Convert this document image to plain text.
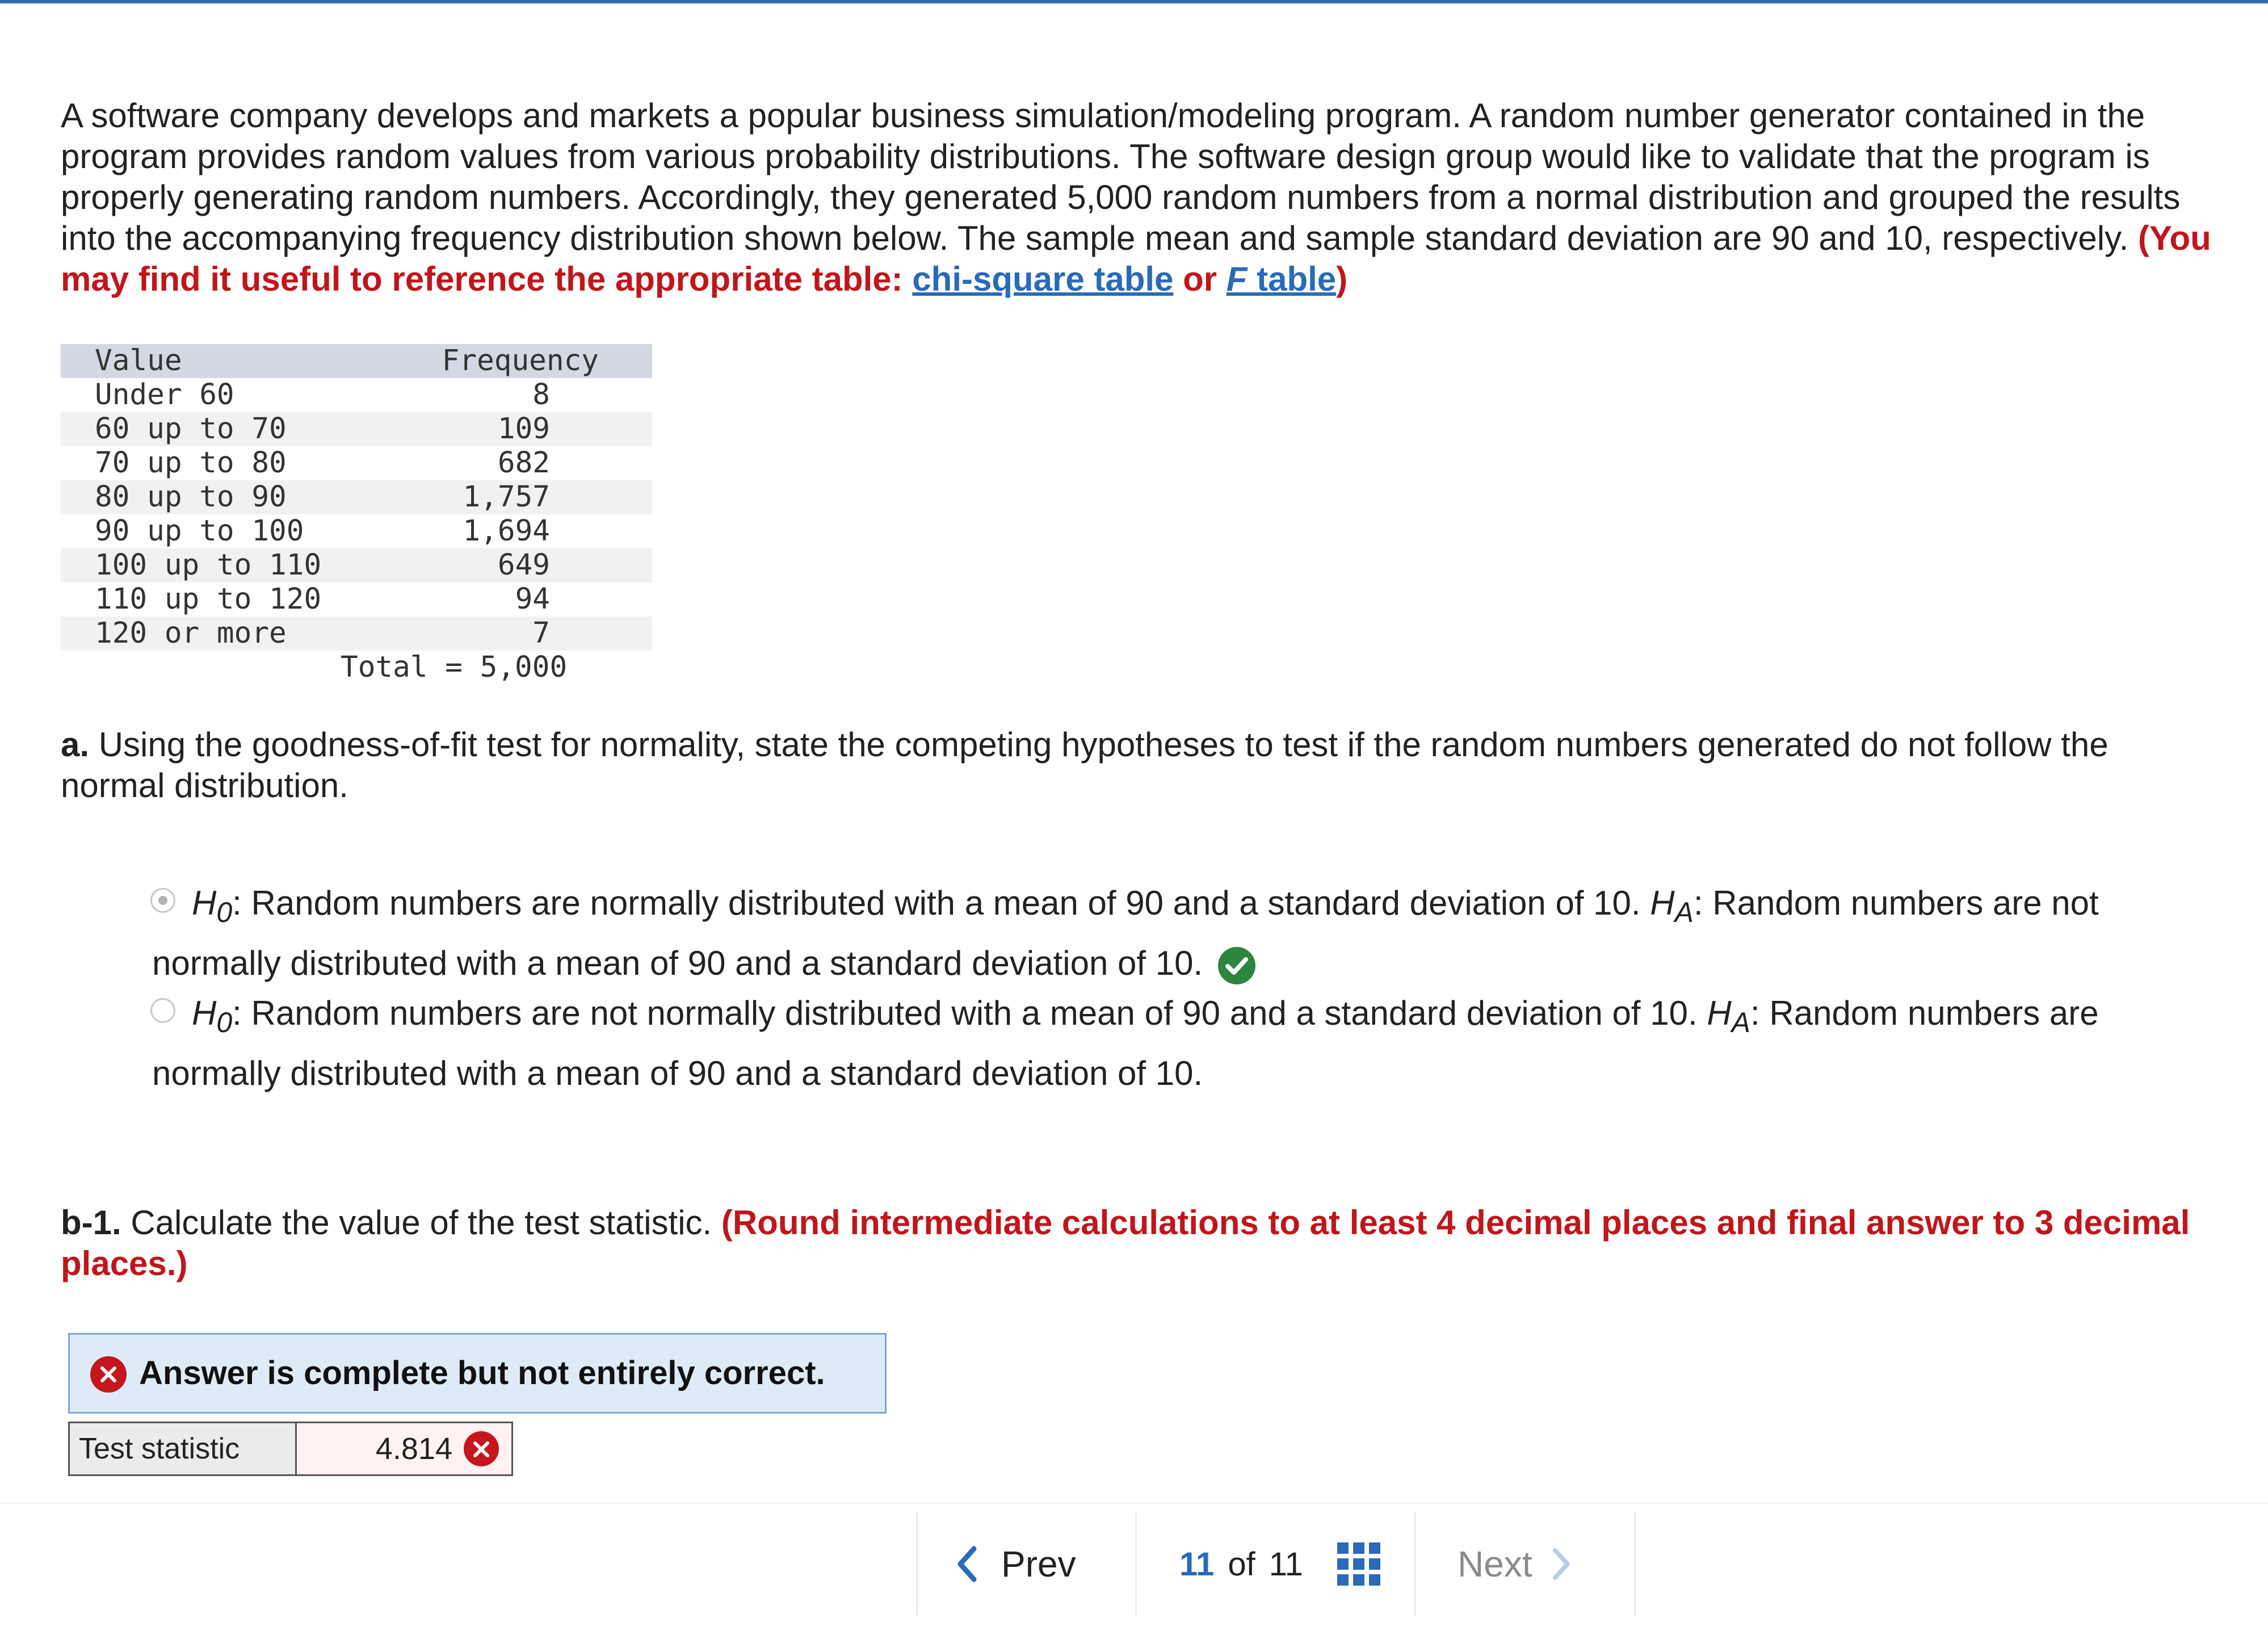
A software company develops and markets a popular business simulation/modeling program. A random number generator contained in the program provides random values from various probability distributions. The software design group would like to validate that the program is properly generating random numbers. Accordingly, they generated 5,000 random numbers from a normal distribution and grouped the results into the accompanying frequency distribution shown below. The sample mean and sample standard deviation are 90 and 10, respectively. (You may find it useful to reference the appropriate table: chi-square table or F table)
Value	Frequency
Under 60	8
60 up to 70	109
70 up to 80	682
80 up to 90	1,757
90 up to 100	1,694
100 up to 110	649
110 up to 120	94
120 or more	7
Total = 5,000
a. Using the goodness-of-fit test for normality, state the competing hypotheses to test if the random numbers generated do not follow the normal distribution.
$H_0$: Random numbers are normally distributed with a mean of 90 and a standard deviation of 10. $H_A$: Random numbers are not normally distributed with a mean of 90 and a standard deviation of 10.
$H_0$: Random numbers are not normally distributed with a mean of 90 and a standard deviation of 10. $H_A$: Random numbers are normally distributed with a mean of 90 and a standard deviation of 10.
b-1. Calculate the value of the test statistic. (Round intermediate calculations to at least 4 decimal places and final answer to 3 decimal places.)
Answer is complete but not entirely correct.
Test statistic	4.814
Prev	11 of 11	Next
